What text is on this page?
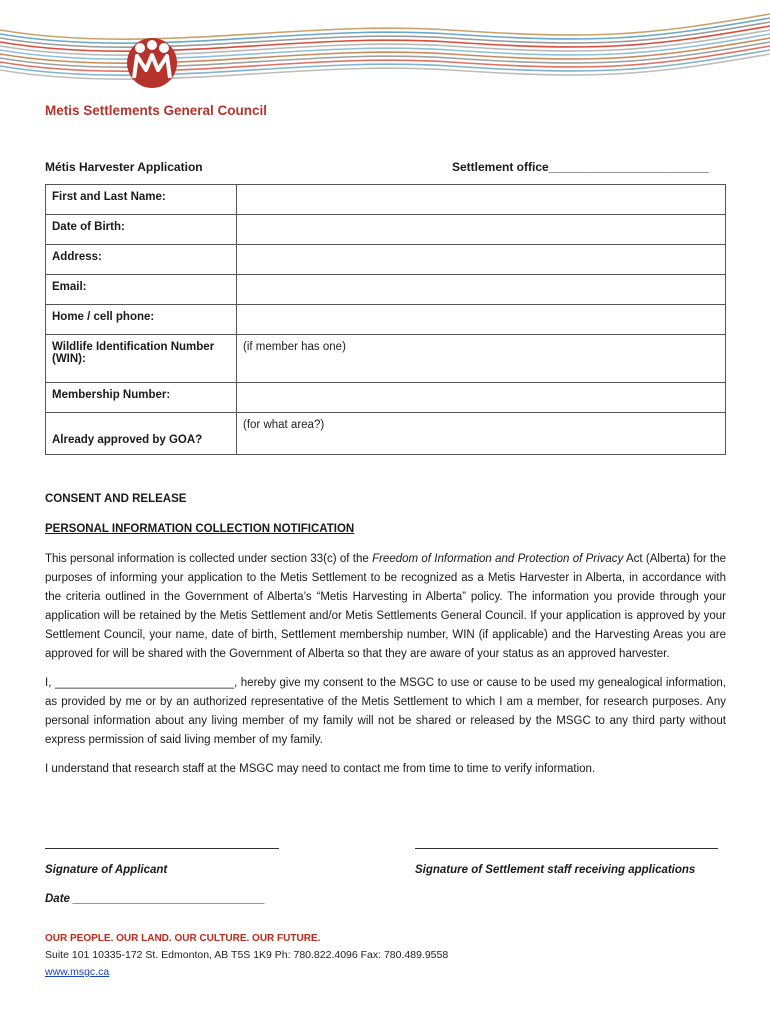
Metis Settlements General Council
Métis Harvester Application	Settlement office________________________
First and Last Name:	
Date of Birth:	
Address:	
Email:	
Home / cell phone:	
Wildlife Identification Number (WIN):	(if member has one)
Membership Number:	
Already approved by GOA?	(for what area?)
CONSENT AND RELEASE
PERSONAL INFORMATION COLLECTION NOTIFICATION
This personal information is collected under section 33(c) of the Freedom of Information and Protection of Privacy Act (Alberta) for the purposes of informing your application to the Metis Settlement to be recognized as a Metis Harvester in Alberta, in accordance with the criteria outlined in the Government of Alberta’s “Metis Harvesting in Alberta” policy. The information you provide through your application will be retained by the Metis Settlement and/or Metis Settlements General Council. If your application is approved by your Settlement Council, your name, date of birth, Settlement membership number, WIN (if applicable) and the Harvesting Areas you are approved for will be shared with the Government of Alberta so that they are aware of your status as an approved harvester.
I, ____________________________, hereby give my consent to the MSGC to use or cause to be used my genealogical information, as provided by me or by an authorized representative of the Metis Settlement to which I am a member, for research purposes. Any personal information about any living member of my family will not be shared or released by the MSGC to any third party without express permission of said living member of my family.
I understand that research staff at the MSGC may need to contact me from time to time to verify information.
Signature of Applicant	Signature of Settlement staff receiving applications
Date ______________________________
OUR PEOPLE. OUR LAND. OUR CULTURE. OUR FUTURE.
Suite 101 10335-172 St. Edmonton, AB T5S 1K9 Ph: 780.822.4096 Fax: 780.489.9558
www.msgc.ca
